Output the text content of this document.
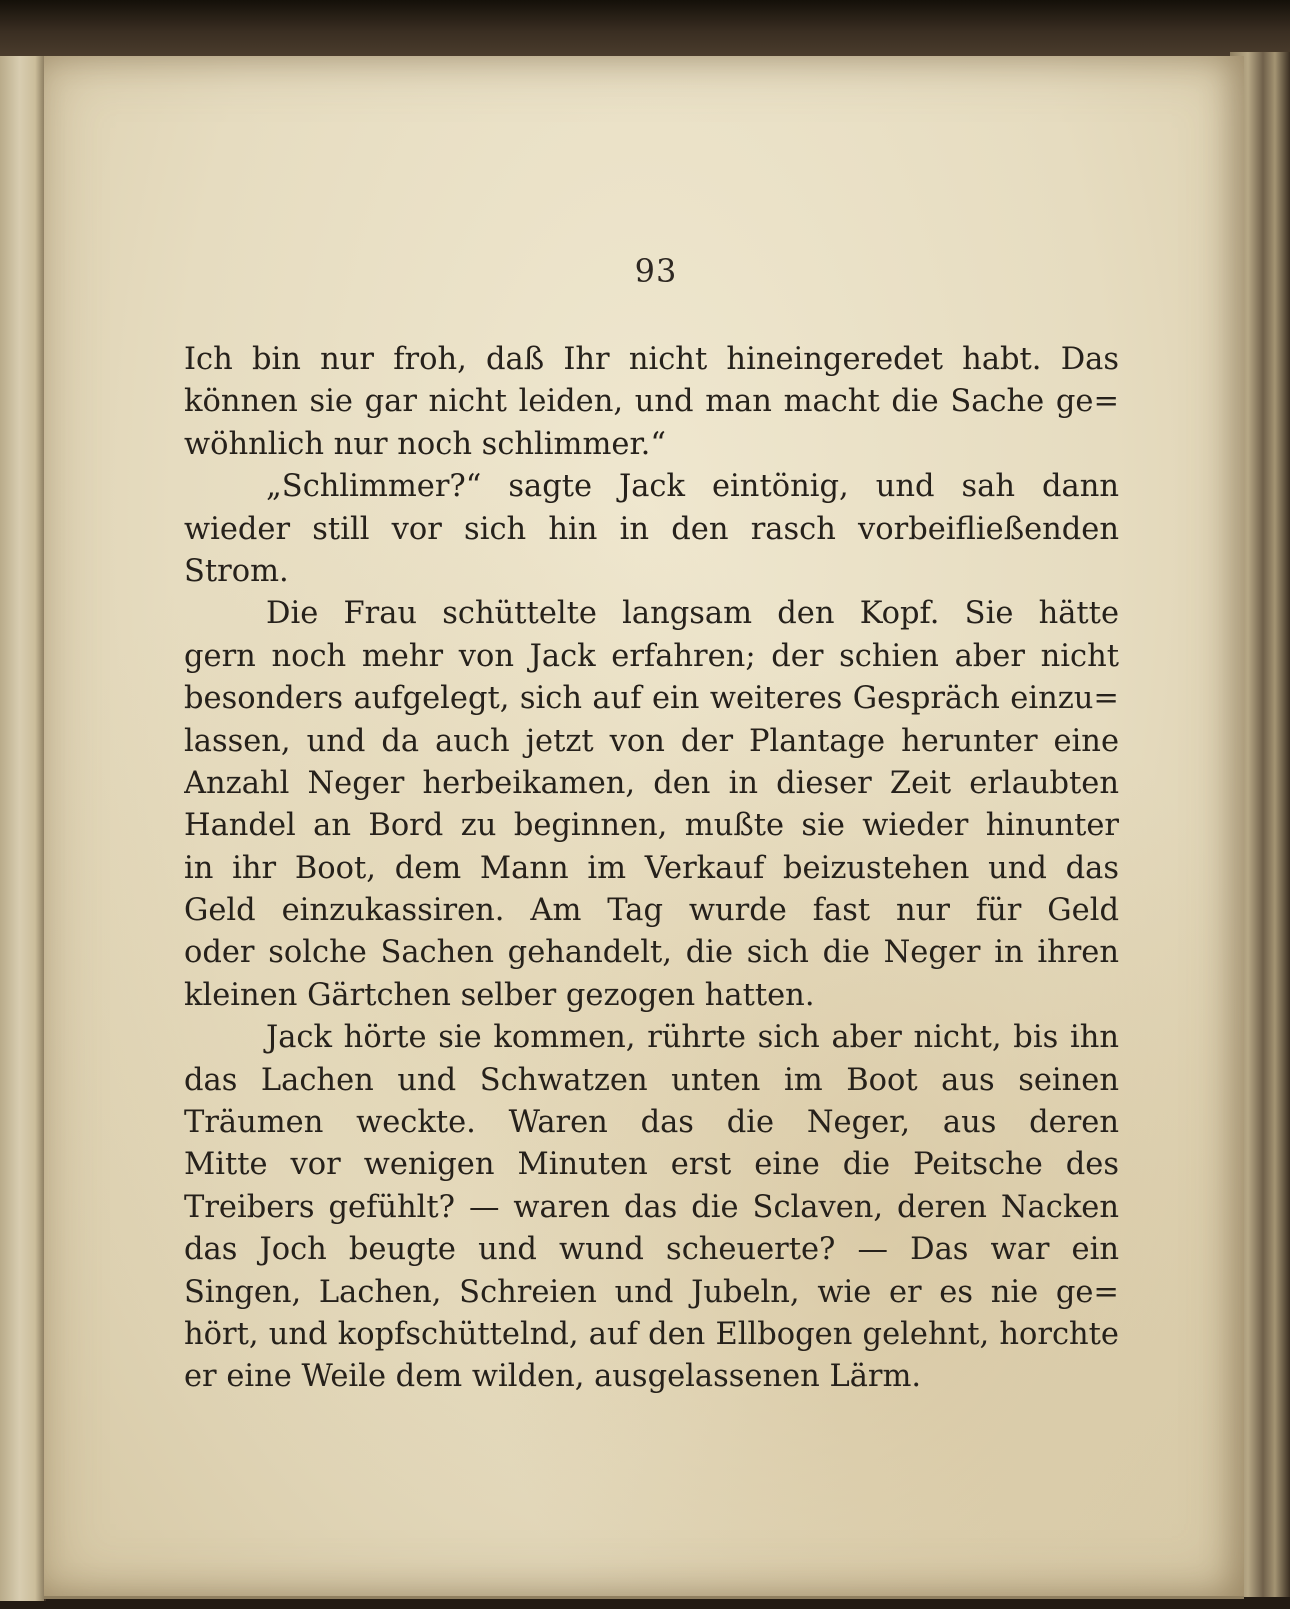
93
Ich bin nur froh, daß Ihr nicht hineingeredet habt. Das
können sie gar nicht leiden, und man macht die Sache ge=
wöhnlich nur noch schlimmer.“
„Schlimmer?“ sagte Jack eintönig, und sah dann
wieder still vor sich hin in den rasch vorbeifließenden
Strom.
Die Frau schüttelte langsam den Kopf. Sie hätte
gern noch mehr von Jack erfahren; der schien aber nicht
besonders aufgelegt, sich auf ein weiteres Gespräch einzu=
lassen, und da auch jetzt von der Plantage herunter eine
Anzahl Neger herbeikamen, den in dieser Zeit erlaubten
Handel an Bord zu beginnen, mußte sie wieder hinunter
in ihr Boot, dem Mann im Verkauf beizustehen und das
Geld einzukassiren. Am Tag wurde fast nur für Geld
oder solche Sachen gehandelt, die sich die Neger in ihren
kleinen Gärtchen selber gezogen hatten.
Jack hörte sie kommen, rührte sich aber nicht, bis ihn
das Lachen und Schwatzen unten im Boot aus seinen
Träumen weckte. Waren das die Neger, aus deren
Mitte vor wenigen Minuten erst eine die Peitsche des
Treibers gefühlt? — waren das die Sclaven, deren Nacken
das Joch beugte und wund scheuerte? — Das war ein
Singen, Lachen, Schreien und Jubeln, wie er es nie ge=
hört, und kopfschüttelnd, auf den Ellbogen gelehnt, horchte
er eine Weile dem wilden, ausgelassenen Lärm.
